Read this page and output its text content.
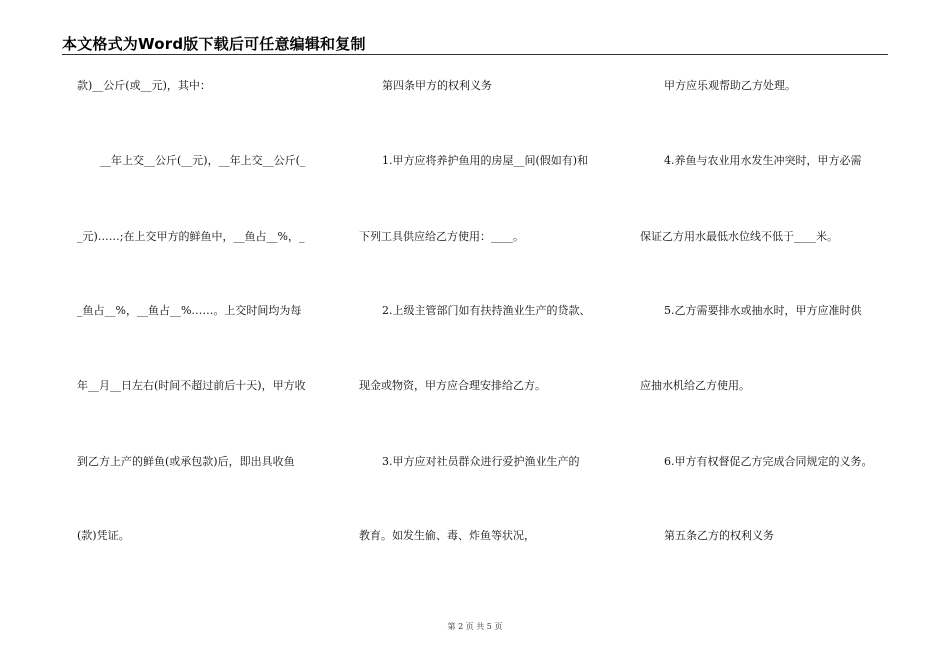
本文格式为Word版下载后可任意编辑和复制
款)__公斤(或__元)，其中：
__年上交__公斤(__元)，__年上交__公斤(_
_元)……;在上交甲方的鲜鱼中，__鱼占__%，_
_鱼占__%，__鱼占__%……。上交时间均为每
年__月__日左右(时间不超过前后十天)，甲方收
到乙方上产的鲜鱼(或承包款)后，即出具收鱼
(款)凭证。
第四条甲方的权利义务
1.甲方应将养护鱼用的房屋__间(假如有)和
下列工具供应给乙方使用：____。
2.上级主管部门如有扶持渔业生产的贷款、
现金或物资，甲方应合理安排给乙方。
3.甲方应对社员群众进行爱护渔业生产的
教育。如发生偷、毒、炸鱼等状况，
甲方应乐观帮助乙方处理。
4.养鱼与农业用水发生冲突时，甲方必需
保证乙方用水最低水位线不低于____米。
5.乙方需要排水或抽水时，甲方应准时供
应抽水机给乙方使用。
6.甲方有权督促乙方完成合同规定的义务。
第五条乙方的权利义务
第 2 页 共 5 页
